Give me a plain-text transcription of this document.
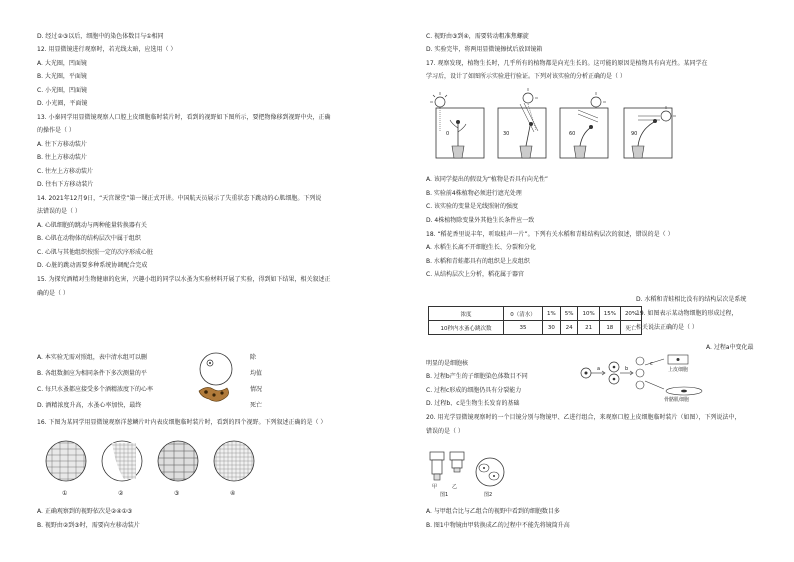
D. 经过②③以后，细胞中的染色体数目与①相同
12. 用显微镜进行观察时，若光线太暗，应选用（ ）
A. 大光圈，凹面镜
B. 大光圈，平面镜
C. 小光圈，凹面镜
D. 小光圈，平面镜
13. 小秦同学用显微镜观察人口腔上皮细胞临时装片时，看到的视野如下图所示，要把物像移到视野中央，正确
的操作是（ ）
A. 往下方移动装片
B. 往上方移动装片
C. 往左上方移动装片
D. 往右下方移动装片
14. 2021年12月9日，“天宫课堂”第一课正式开讲。中国航天员展示了失重状态下跳动的心肌细胞。下列说
法错误的是（ ）
A. 心肌细胞的跳动与两种能量转换器有关
B. 心肌在动物体的结构层次中属于组织
C. 心肌与其他组织按照一定的次序形成心脏
D. 心脏的跳动需要多种系统协调配合完成
15. 为探究酒精对生物健康的危害，兴趣小组的同学以水蚤为实验材料开展了实验，得到如下结果，相关叙述正
确的是（ ）
A. 本实验无需对照组，表中清水组可以删	除
B. 各组数据应为相同条件下多次测量的平	均值
C. 每只水蚤都应接受多个酒精浓度下的心率	情况
D. 酒精浓度升高，水蚤心率加快，最终	死亡
16. 下图为某同学用显微镜观察洋葱鳞片叶内表皮细胞临时装片时，看到的四个视野。下列叙述正确的是（ ）
①	②	③	④
A. 正确观察到的视野依次是②④①③
B. 视野由②到③时，需要向左移动装片
C. 视野由③到④，需要转动粗准焦螺旋
D. 实验完毕，将两用显微镜擦拭后放回镜箱
17. 观察发现，植物生长时，几乎所有的植物都是向光生长的。这可能的原因是植物具有向光性。某同学在
学习后，设计了如图所示实验进行验证。下列对该实验的分析正确的是（ ）
0	30	60	90
A. 该同学提出的假设为“植物是否具有向光性”
B. 实验前4株植物必须进行遮光处理
C. 该实验的变量是光线照射的强度
D. 4株植物除变量外其他生长条件应一致
18. “稻花香里说丰年，听取蛙声一片”。下列有关水稻和青蛙结构层次的叙述，错误的是（ ）
A. 水稻生长离不开细胞生长、分裂和分化
B. 水稻和青蛙都具有的组织是上皮组织
C. 从结构层次上分析，稻花属于器官
D. 水稻和青蛙相比没有的结构层次是系统
浓度	0（清水）	1%	5%	10%	15%	20%
10秒内水蚤心跳次数	35	30	24	21	18	死亡
19. 如图表示某动物细胞的形成过程，
相关说法正确的是（ ）
A. 过程a中变化最
明显的是细胞核
a	b
c
上皮细胞
骨骼肌细胞
B. 过程b产生的子细胞染色体数目不同
C. 过程c形成的细胞仍具有分裂能力
D. 过程b、c是生物生长发育的基础
20. 用光学显微镜观察时的一个目镜分别与物镜甲、乙进行组合，来观察口腔上皮细胞临时装片（如图），下列说法中，
错误的是（ ）
甲	乙
图1	图2
A. 与甲组合比与乙组合的视野中看到的细胞数目多
B. 图1中物镜由甲转换成乙的过程中不能先将镜筒升高
